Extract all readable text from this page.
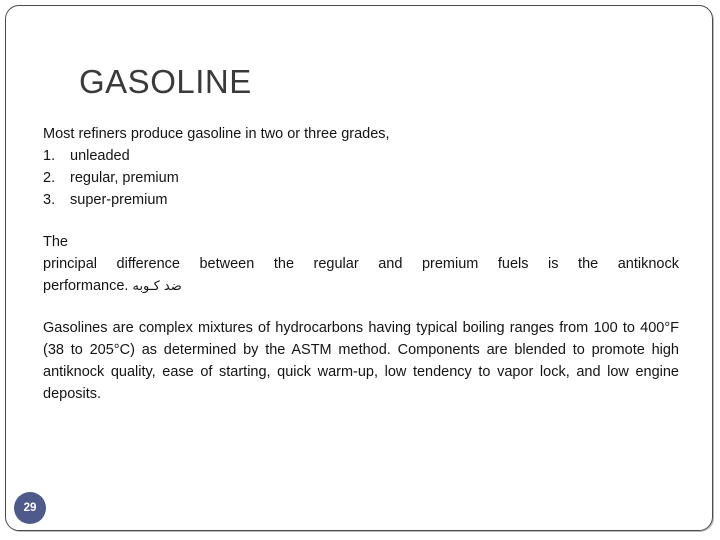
GASOLINE
Most refiners produce gasoline in two or three grades,
1.	unleaded
2.	regular, premium
3.	super-premium
The
principal difference between the regular and premium fuels is the antiknock
performance. ضد كـوبه
Gasolines are complex mixtures of hydrocarbons having typical boiling ranges from 100 to 400°F (38 to 205°C) as determined by the ASTM method. Components are blended to promote high antiknock quality, ease of starting, quick warm-up, low tendency to vapor lock, and low engine deposits.
29
